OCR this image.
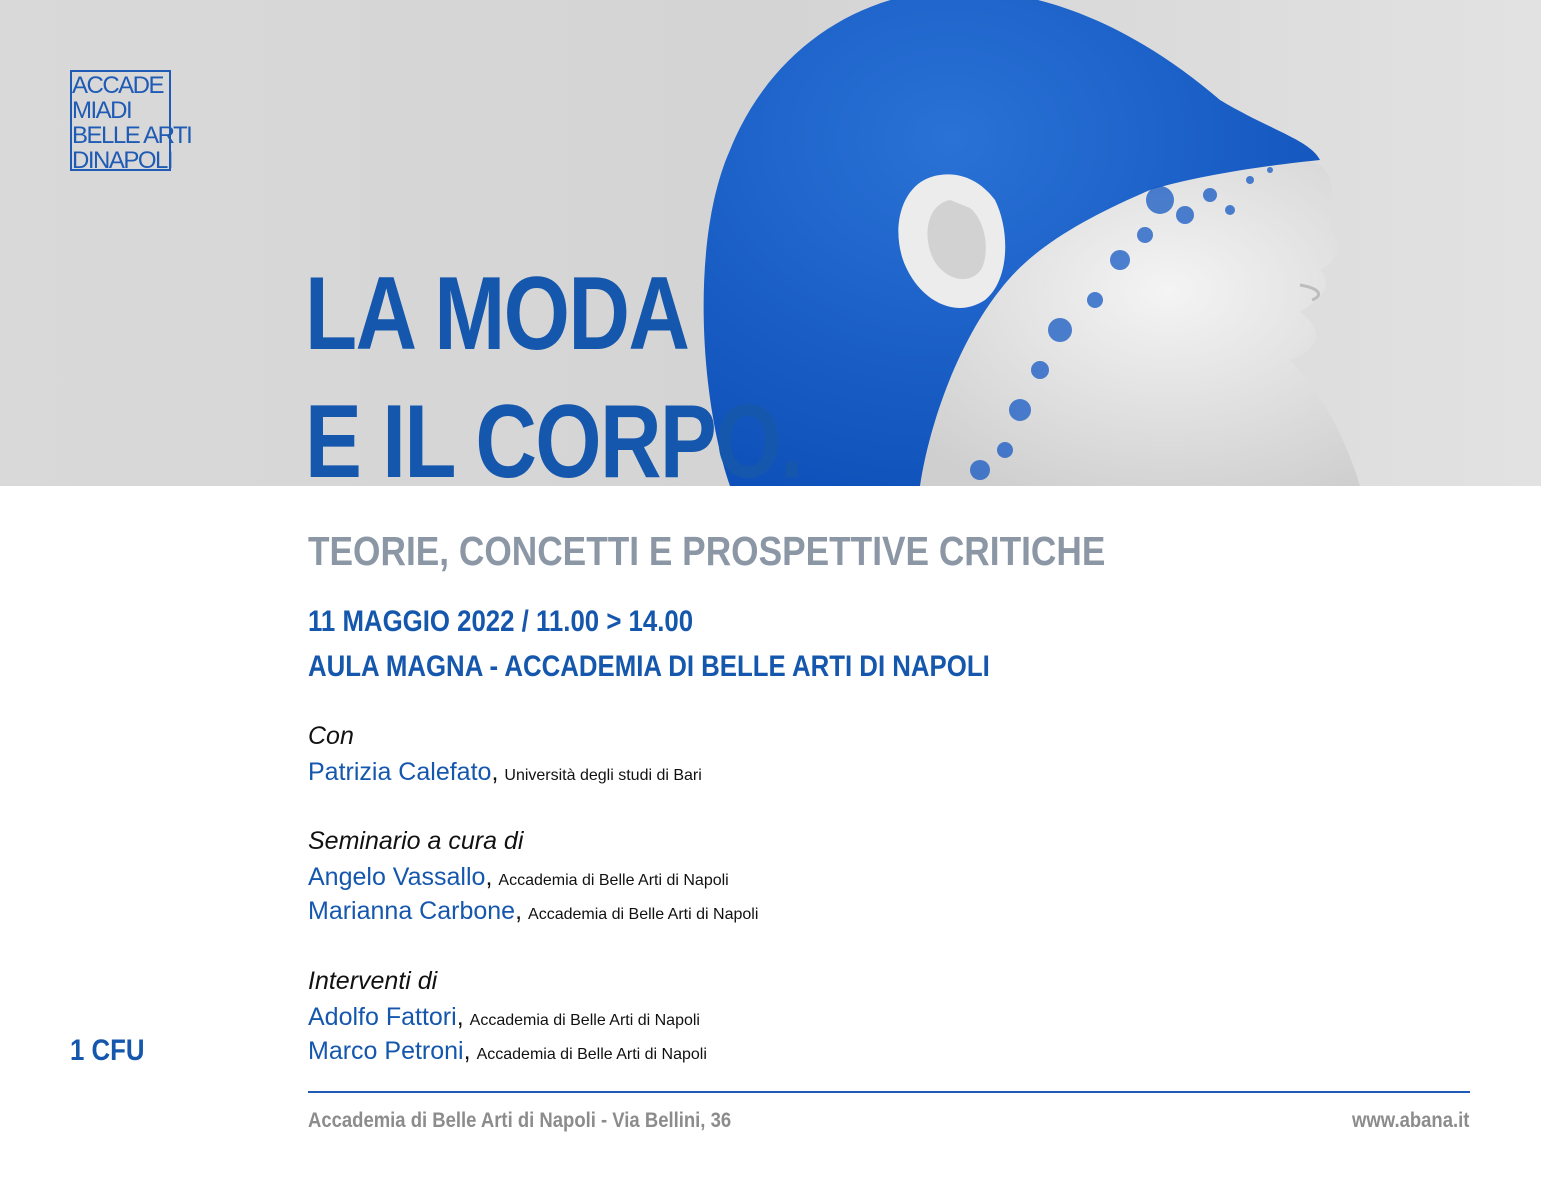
ACCADE
MIADI
BELLE ARTI
DINAPOLI
LA MODA
E IL CORPO.
TEORIE, CONCETTI E PROSPETTIVE CRITICHE
11 MAGGIO 2022 / 11.00 > 14.00
AULA MAGNA - ACCADEMIA DI BELLE ARTI DI NAPOLI
Con
Patrizia Calefato, Università degli studi di Bari
Seminario a cura di
Angelo Vassallo, Accademia di Belle Arti di Napoli
Marianna Carbone, Accademia di Belle Arti di Napoli
Interventi di
Adolfo Fattori, Accademia di Belle Arti di Napoli
Marco Petroni, Accademia di Belle Arti di Napoli
1 CFU
Accademia di Belle Arti di Napoli - Via Bellini, 36	www.abana.it
